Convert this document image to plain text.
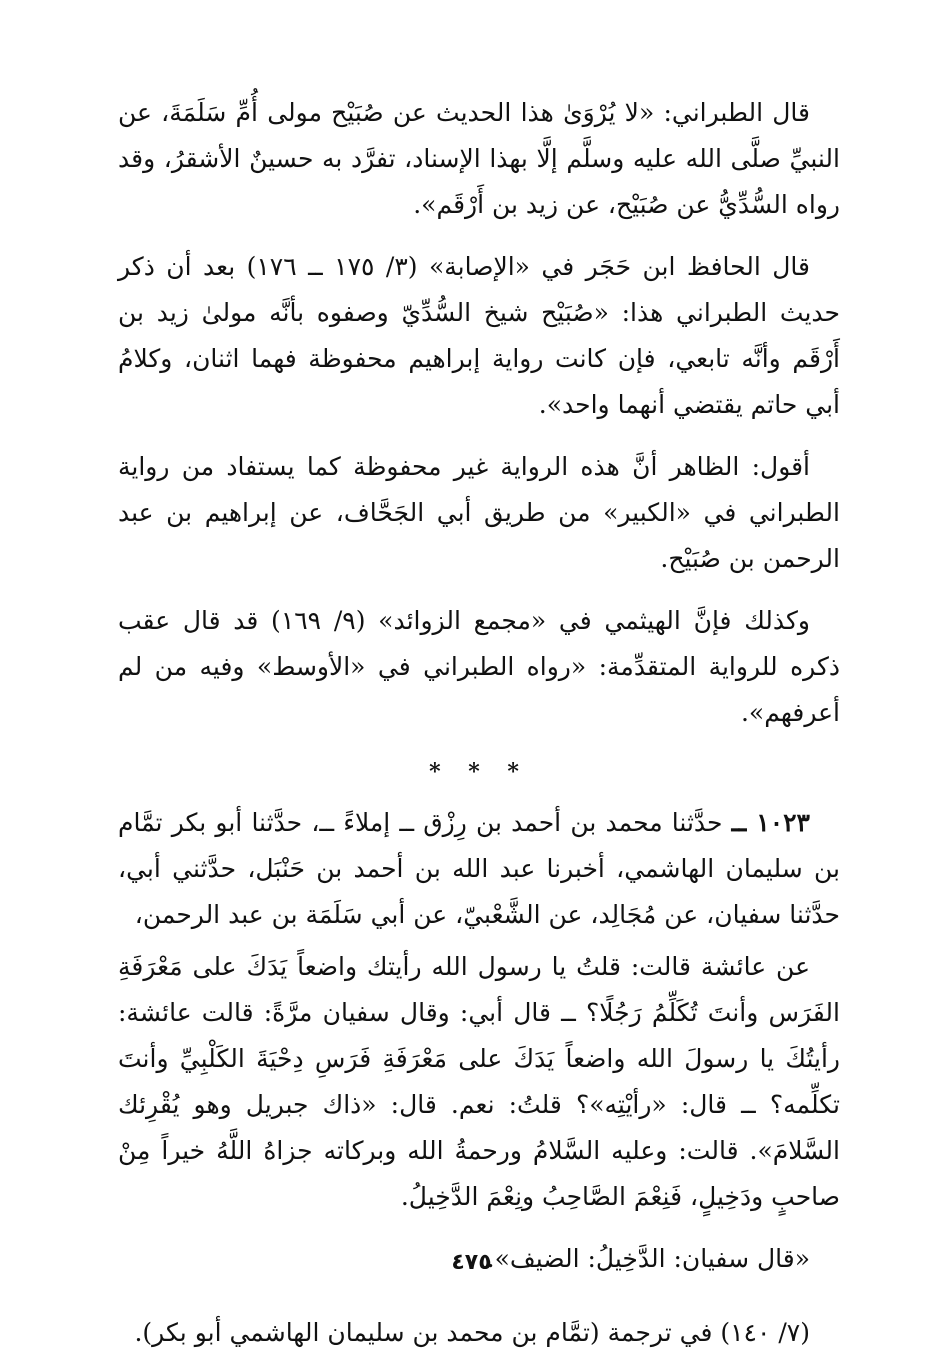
قال الطبراني: «لا يُرْوَىٰ هذا الحديث عن صُبَيْح مولى أُمِّ سَلَمَةَ، عن النبيِّ صلَّى الله عليه وسلَّم إلَّا بهذا الإسناد، تفرَّد به حسينٌ الأشقرُ، وقد رواه السُّدِّيُّ عن صُبَيْح، عن زيد بن أَرْقَم».

قال الحافظ ابن حَجَر في «الإصابة» (٣/ ١٧٥ ــ ١٧٦) بعد أن ذكر حديث الطبراني هذا: «صُبَيْح شيخ السُّدِّيّ وصفوه بأنَّه مولىٰ زيد بن أَرْقَم وأنَّه تابعي، فإن كانت رواية إبراهيم محفوظة فهما اثنان، وكلامُ أبي حاتم يقتضي أنهما واحد».

أقول: الظاهر أنَّ هذه الرواية غير محفوظة كما يستفاد من رواية الطبراني في «الكبير» من طريق أبي الجَحَّاف، عن إبراهيم بن عبد الرحمن بن صُبَيْح.

وكذلك فإنَّ الهيثمي في «مجمع الزوائد» (٩/ ١٦٩) قد قال عقب ذكره للرواية المتقدِّمة: «رواه الطبراني في «الأوسط» وفيه من لم أعرفهم».

* * *

١٠٢٣ ــ حدَّثنا محمد بن أحمد بن رِزْق ــ إملاءً ــ، حدَّثنا أبو بكر تمَّام بن سليمان الهاشمي، أخبرنا عبد الله بن أحمد بن حَنْبَل، حدَّثني أبي، حدَّثنا سفيان، عن مُجَالِد، عن الشَّعْبيّ، عن أبي سَلَمَة بن عبد الرحمن،

عن عائشة قالت: قلتُ يا رسول الله رأيتك واضعاً يَدَكَ على مَعْرَفَةِ الفَرَس وأنتَ تُكَلِّمُ رَجُلًا؟ ــ قال أبي: وقال سفيان مرَّةً: قالت عائشة: رأيتُكَ يا رسولَ الله واضعاً يَدَكَ على مَعْرَفَةِ فَرَسِ دِحْيَةَ الكَلْبِيِّ وأنتَ تكلِّمه؟ ــ قال: «رأيْتِه»؟ قلتُ: نعم. قال: «ذاك جبريل وهو يُقْرِئك السَّلامَ». قالت: وعليه السَّلامُ ورحمةُ الله وبركاته جزاهُ اللَّهُ خيراً مِنْ صاحبٍ ودَخِيلٍ، فَنِعْمَ الصَّاحِبُ ونِعْمَ الدَّخِيلُ.

«قال سفيان: الدَّخِيلُ: الضيف».

(٧/ ١٤٠) في ترجمة (تمَّام بن محمد بن سليمان الهاشمي أبو بكر).

٤٧٥
